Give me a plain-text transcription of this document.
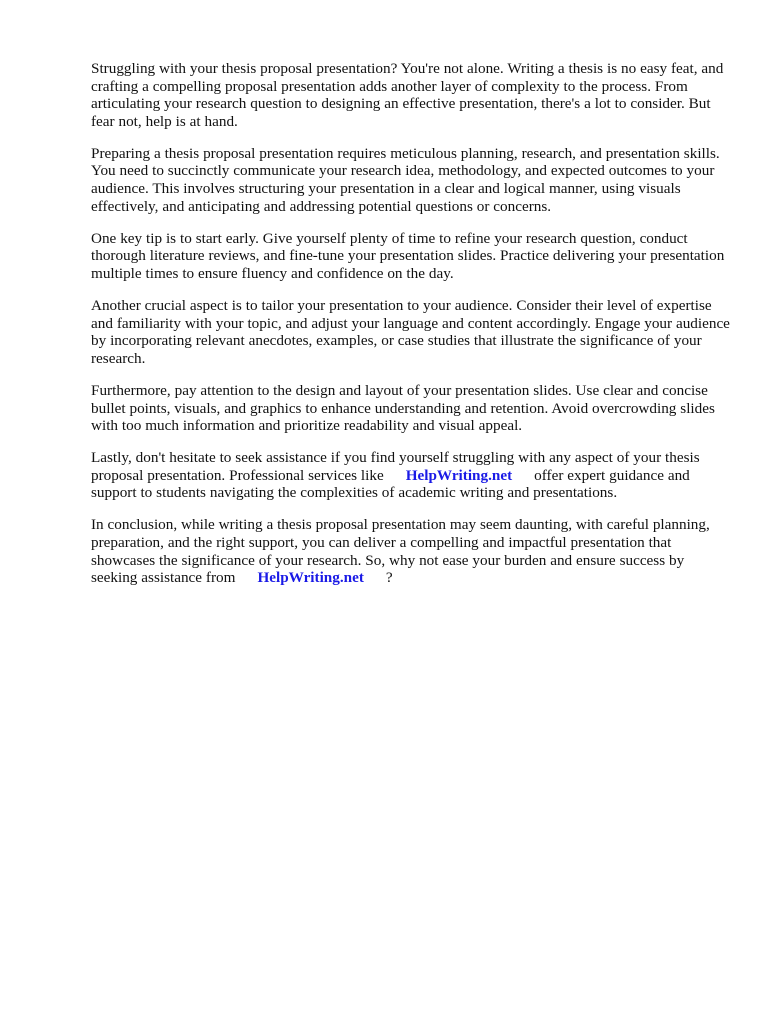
Struggling with your thesis proposal presentation? You're not alone. Writing a thesis is no easy feat, and crafting a compelling proposal presentation adds another layer of complexity to the process. From articulating your research question to designing an effective presentation, there's a lot to consider. But fear not, help is at hand.

Preparing a thesis proposal presentation requires meticulous planning, research, and presentation skills. You need to succinctly communicate your research idea, methodology, and expected outcomes to your audience. This involves structuring your presentation in a clear and logical manner, using visuals effectively, and anticipating and addressing potential questions or concerns.

One key tip is to start early. Give yourself plenty of time to refine your research question, conduct thorough literature reviews, and fine-tune your presentation slides. Practice delivering your presentation multiple times to ensure fluency and confidence on the day.

Another crucial aspect is to tailor your presentation to your audience. Consider their level of expertise and familiarity with your topic, and adjust your language and content accordingly. Engage your audience by incorporating relevant anecdotes, examples, or case studies that illustrate the significance of your research.

Furthermore, pay attention to the design and layout of your presentation slides. Use clear and concise bullet points, visuals, and graphics to enhance understanding and retention. Avoid overcrowding slides with too much information and prioritize readability and visual appeal.

Lastly, don't hesitate to seek assistance if you find yourself struggling with any aspect of your thesis proposal presentation. Professional services like HelpWriting.net offer expert guidance and support to students navigating the complexities of academic writing and presentations.

In conclusion, while writing a thesis proposal presentation may seem daunting, with careful planning, preparation, and the right support, you can deliver a compelling and impactful presentation that showcases the significance of your research. So, why not ease your burden and ensure success by seeking assistance from HelpWriting.net ?
